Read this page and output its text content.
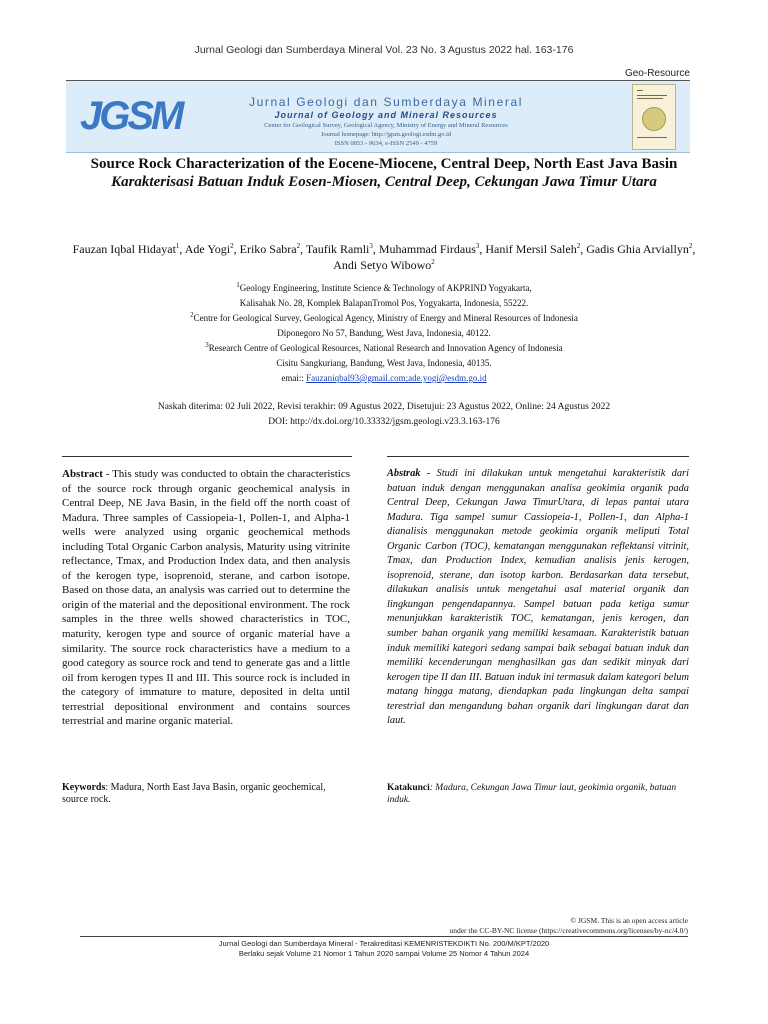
Jurnal Geologi dan Sumberdaya Mineral Vol. 23 No. 3 Agustus 2022 hal. 163-176
Geo-Resource
JGSM	Jurnal Geologi dan Sumberdaya Mineral
Journal of Geology and Mineral Resources
Center for Geological Survey, Geological Agency, Ministry of Energy and Mineral Resources
Journal homepage: http://jgsm.geologi.esdm.go.id
ISSN 0853 - 9634, e-ISSN 2549 - 4759
Source Rock Characterization of the Eocene-Miocene, Central Deep, North East Java Basin
Karakterisasi Batuan Induk Eosen-Miosen, Central Deep, Cekungan Jawa Timur Utara
Fauzan Iqbal Hidayat$^1$, Ade Yogi$^2$, Eriko Sabra$^2$, Taufik Ramli$^3$, Muhammad Firdaus$^3$, Hanif Mersil Saleh$^2$, Gadis Ghia Arviallyn$^2$, Andi Setyo Wibowo$^2$
$^1$Geology Engineering, Institute Science & Technology of AKPRIND Yogyakarta,
Kalisahak No. 28, Komplek BalapanTromol Pos, Yogyakarta, Indonesia, 55222.
$^2$Centre for Geological Survey, Geological Agency, Ministry of Energy and Mineral Resources of Indonesia
Diponegoro No 57, Bandung, West Java, Indonesia, 40122.
$^3$Research Centre of Geological Resources, National Research and Innovation Agency of Indonesia
Cisitu Sangkuriang, Bandung, West Java, Indonesia, 40135.
emai:: Fauzaniqbal93@gmail.com;ade.yogi@esdm.go.id
Naskah diterima: 02 Juli 2022, Revisi terakhir: 09 Agustus 2022, Disetujui: 23 Agustus 2022, Online: 24 Agustus 2022
DOI: http://dx.doi.org/10.33332/jgsm.geologi.v23.3.163-176
Abstract - This study was conducted to obtain the characteristics of the source rock through organic geochemical analysis in Central Deep, NE Java Basin, in the field off the north coast of Madura. Three samples of Cassiopeia-1, Pollen-1, and Alpha-1 wells were analyzed using organic geochemical methods including Total Organic Carbon analysis, Maturity using vitrinite reflectance, Tmax, and Production Index data, and then analysis of the kerogen type, isoprenoid, sterane, and carbon isotope. Based on those data, an analysis was carried out to determine the origin of the material and the depositional environment. The rock samples in the three wells showed characteristics in TOC, maturity, kerogen type and source of organic material have a similarity. The source rock characteristics have a medium to a good category as source rock and tend to generate gas and a little oil from kerogen types II and III. This source rock is included in the category of immature to mature, deposited in delta until terrestrial depositional environment and contains sources terrestrial and marine organic material.
Abstrak - Studi ini dilakukan untuk mengetahui karakteristik dari batuan induk dengan menggunakan analisa geokimia organik pada Central Deep, Cekungan Jawa TimurUtara, di lepas pantai utara Madura. Tiga sampel sumur Cassiopeia-1, Pollen-1, dan Alpha-1 dianalisis menggunakan metode geokimia organik meliputi Total Organic Carbon (TOC), kematangan menggunakan reflektansi vitrinit, Tmax, dan Production Index, kemudian analisis jenis kerogen, isoprenoid, sterane, dan isotop karbon. Berdasarkan data tersebut, dilakukan analisis untuk mengetahui asal material organik dan lingkungan pengendapannya. Sampel batuan pada ketiga sumur menunjukkan karakteristik TOC, kematangan, jenis kerogen, dan sumber bahan organik yang memiliki kesamaan. Karakteristik batuan induk memiliki kategori sedang sampai baik sebagai batuan induk dan memiliki kecenderungan menghasilkan gas dan sedikit minyak dari kerogen tipe II dan III. Batuan induk ini termasuk dalam kategori belum matang hingga matang, diendapkan pada lingkungan delta sampai terestrial dan mengandung bahan organik dari lingkungan darat dan laut.
Keywords: Madura, North East Java Basin, organic geochemical, source rock.
Katakunci: Madura, Cekungan Jawa Timur laut, geokimia organik, batuan induk.
© JGSM. This is an open access article
under the CC-BY-NC license (https://creativecommons.org/licenses/by-nc/4.0/)
Jurnal Geologi dan Sumberdaya Mineral - Terakreditasi KEMENRISTEKDIKTI No. 200/M/KPT/2020
Berlaku sejak Volume 21 Nomor 1 Tahun 2020 sampai Volume 25 Nomor 4 Tahun 2024
